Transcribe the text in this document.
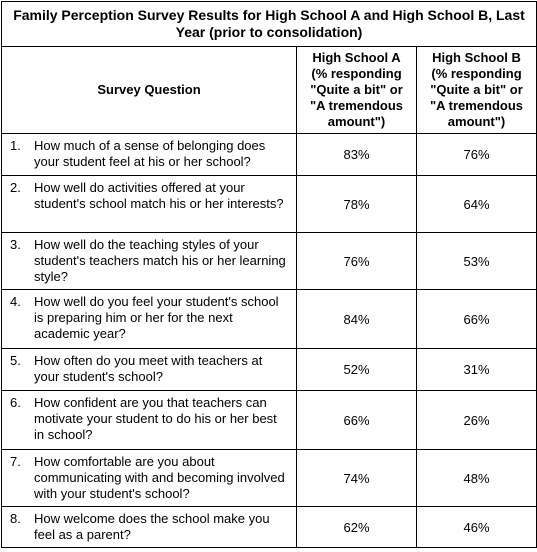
Family Perception Survey Results for High School A and High School B, Last Year (prior to consolidation)		
Survey Question	High School A (% responding "Quite a bit" or "A tremendous amount")	High School B (% responding "Quite a bit" or "A tremendous amount")

1. How much of a sense of belonging does your student feel at his or her school?	83%	76%

2. How well do activities offered at your student's school match his or her interests?	78%	64%

3. How well do the teaching styles of your student's teachers match his or her learning style?	76%	53%

4. How well do you feel your student's school is preparing him or her for the next academic year?	84%	66%

5. How often do you meet with teachers at your student's school?	52%	31%

6. How confident are you that teachers can motivate your student to do his or her best in school?	66%	26%

7. How comfortable are you about communicating with and becoming involved with your student's school?	74%	48%

8. How welcome does the school make you feel as a parent?	62%	46%
